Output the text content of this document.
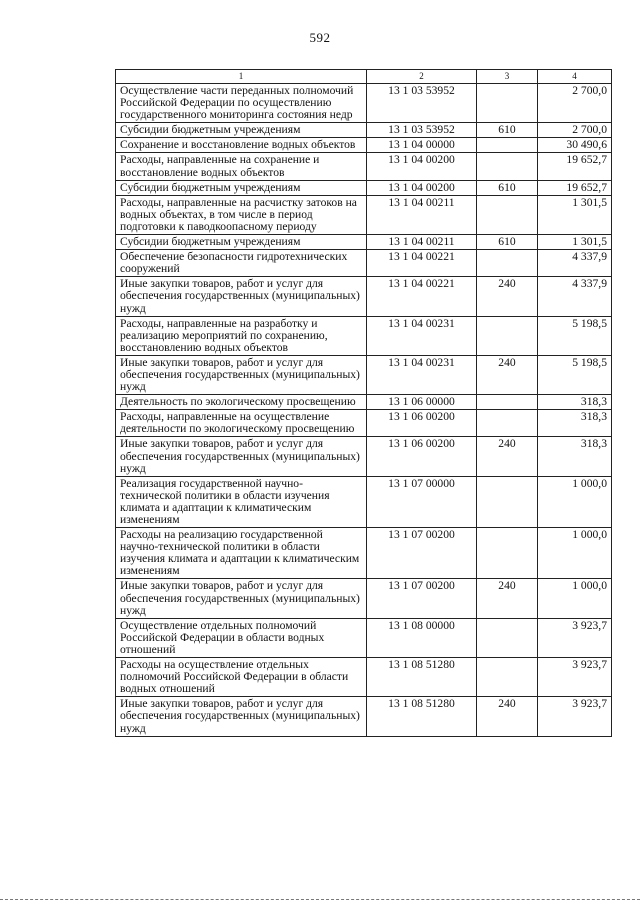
592
1	2	3	4
Осуществление части переданных полномочий Российской Федерации по осуществлению государственного мониторинга состояния недр	13 1 03 53952		2 700,0
Субсидии бюджетным учреждениям	13 1 03 53952	610	2 700,0
Сохранение и восстановление водных объектов	13 1 04 00000		30 490,6
Расходы, направленные на сохранение и восстановление водных объектов	13 1 04 00200		19 652,7
Субсидии бюджетным учреждениям	13 1 04 00200	610	19 652,7
Расходы, направленные на расчистку затоков на водных объектах, в том числе в период подготовки к паводкоопасному периоду	13 1 04 00211		1 301,5
Субсидии бюджетным учреждениям	13 1 04 00211	610	1 301,5
Обеспечение безопасности гидротехнических сооружений	13 1 04 00221		4 337,9
Иные закупки товаров, работ и услуг для обеспечения государственных (муниципальных) нужд	13 1 04 00221	240	4 337,9
Расходы, направленные на разработку и реализацию мероприятий по сохранению, восстановлению водных объектов	13 1 04 00231		5 198,5
Иные закупки товаров, работ и услуг для обеспечения государственных (муниципальных) нужд	13 1 04 00231	240	5 198,5
Деятельность по экологическому просвещению	13 1 06 00000		318,3
Расходы, направленные на осуществление деятельности по экологическому просвещению	13 1 06 00200		318,3
Иные закупки товаров, работ и услуг для обеспечения государственных (муниципальных) нужд	13 1 06 00200	240	318,3
Реализация государственной научно-технической политики в области изучения климата и адаптации к климатическим изменениям	13 1 07 00000		1 000,0
Расходы на реализацию государственной научно-технической политики в области изучения климата и адаптации к климатическим изменениям	13 1 07 00200		1 000,0
Иные закупки товаров, работ и услуг для обеспечения государственных (муниципальных) нужд	13 1 07 00200	240	1 000,0
Осуществление отдельных полномочий Российской Федерации в области водных отношений	13 1 08 00000		3 923,7
Расходы на осуществление отдельных полномочий Российской Федерации в области водных отношений	13 1 08 51280		3 923,7
Иные закупки товаров, работ и услуг для обеспечения государственных (муниципальных) нужд	13 1 08 51280	240	3 923,7
